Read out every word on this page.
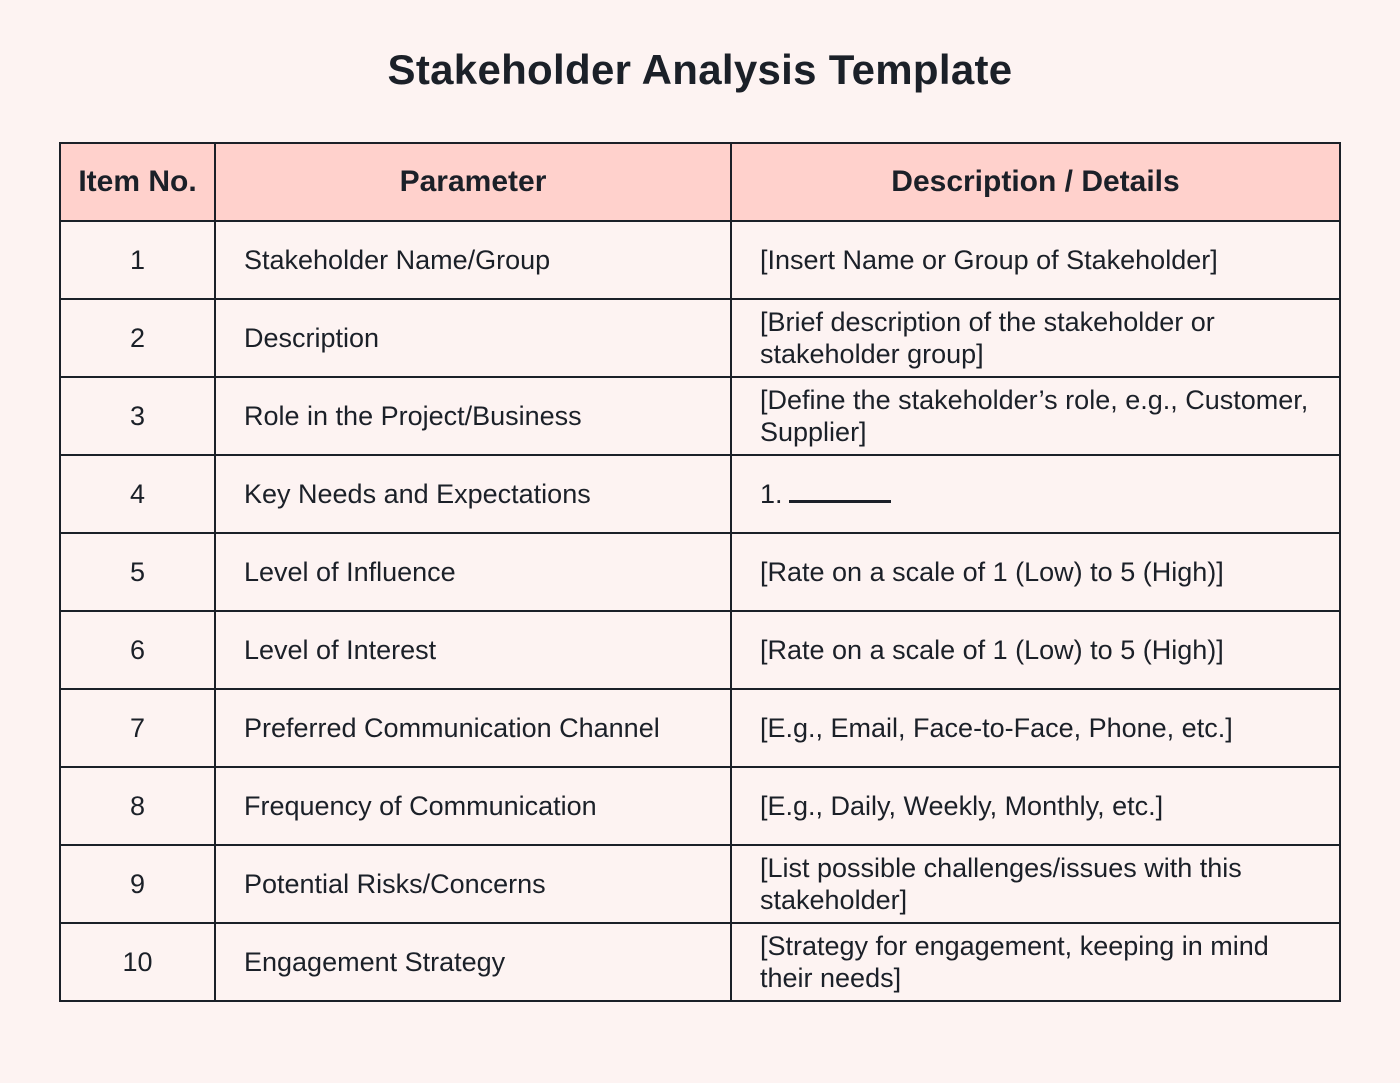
Stakeholder Analysis Template
Item No.	Parameter	Description / Details
1	Stakeholder Name/Group	[Insert Name or Group of Stakeholder]
2	Description	[Brief description of the stakeholder or stakeholder group]
3	Role in the Project/Business	[Define the stakeholder’s role, e.g., Customer, Supplier]
4	Key Needs and Expectations	1.
5	Level of Influence	[Rate on a scale of 1 (Low) to 5 (High)]
6	Level of Interest	[Rate on a scale of 1 (Low) to 5 (High)]
7	Preferred Communication Channel	[E.g., Email, Face-to-Face, Phone, etc.]
8	Frequency of Communication	[E.g., Daily, Weekly, Monthly, etc.]
9	Potential Risks/Concerns	[List possible challenges/issues with this stakeholder]
10	Engagement Strategy	[Strategy for engagement, keeping in mind their needs]
